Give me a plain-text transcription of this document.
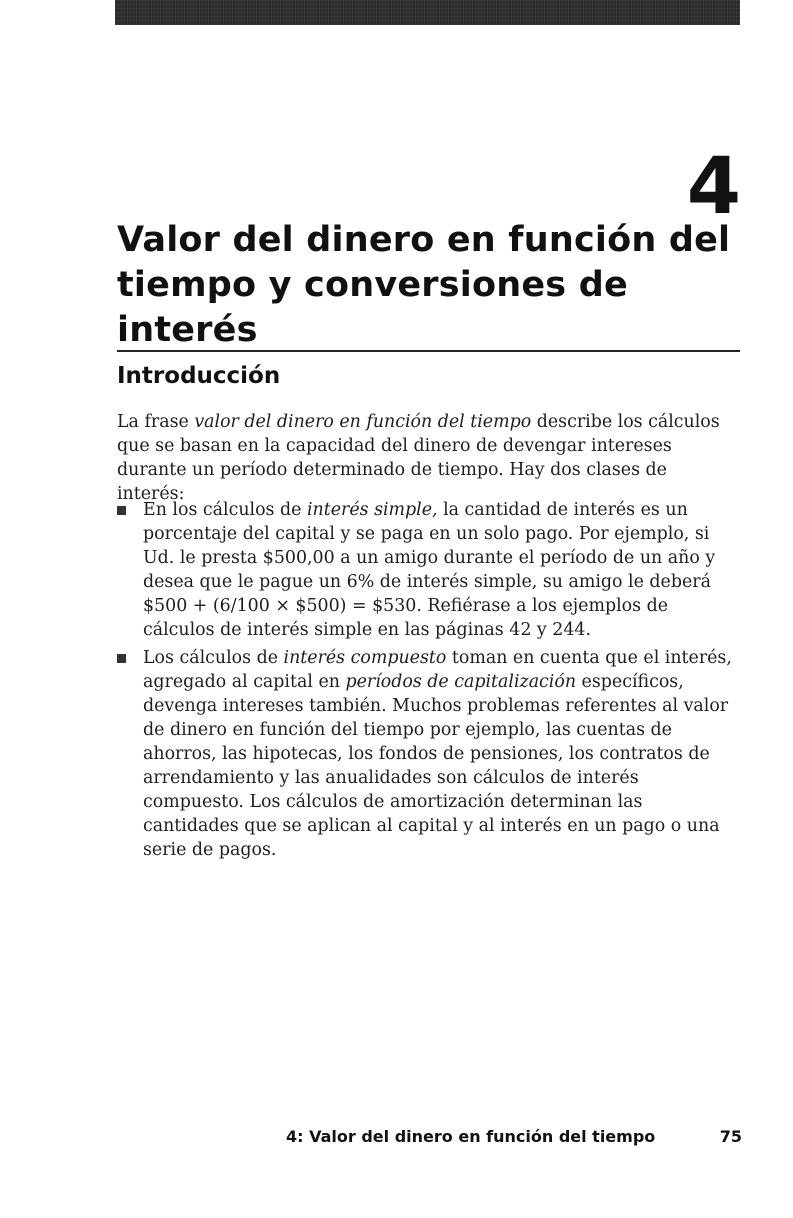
4
Valor del dinero en función del tiempo y conversiones de interés
Introducción

La frase valor del dinero en función del tiempo describe los cálculos que se basan en la capacidad del dinero de devengar intereses durante un período determinado de tiempo. Hay dos clases de interés:

En los cálculos de interés simple, la cantidad de interés es un porcentaje del capital y se paga en un solo pago. Por ejemplo, si Ud. le presta $500,00 a un amigo durante el período de un año y desea que le pague un 6% de interés simple, su amigo le deberá $500 + (6/100 × $500) = $530. Refiérase a los ejemplos de cálculos de interés simple en las páginas 42 y 244.
Los cálculos de interés compuesto toman en cuenta que el interés, agregado al capital en períodos de capitalización específicos, devenga intereses también. Muchos problemas referentes al valor de dinero en función del tiempo por ejemplo, las cuentas de ahorros, las hipotecas, los fondos de pensiones, los contratos de arrendamiento y las anualidades son cálculos de interés compuesto. Los cálculos de amortización determinan las cantidades que se aplican al capital y al interés en un pago o una serie de pagos.
4: Valor del dinero en función del tiempo	75
